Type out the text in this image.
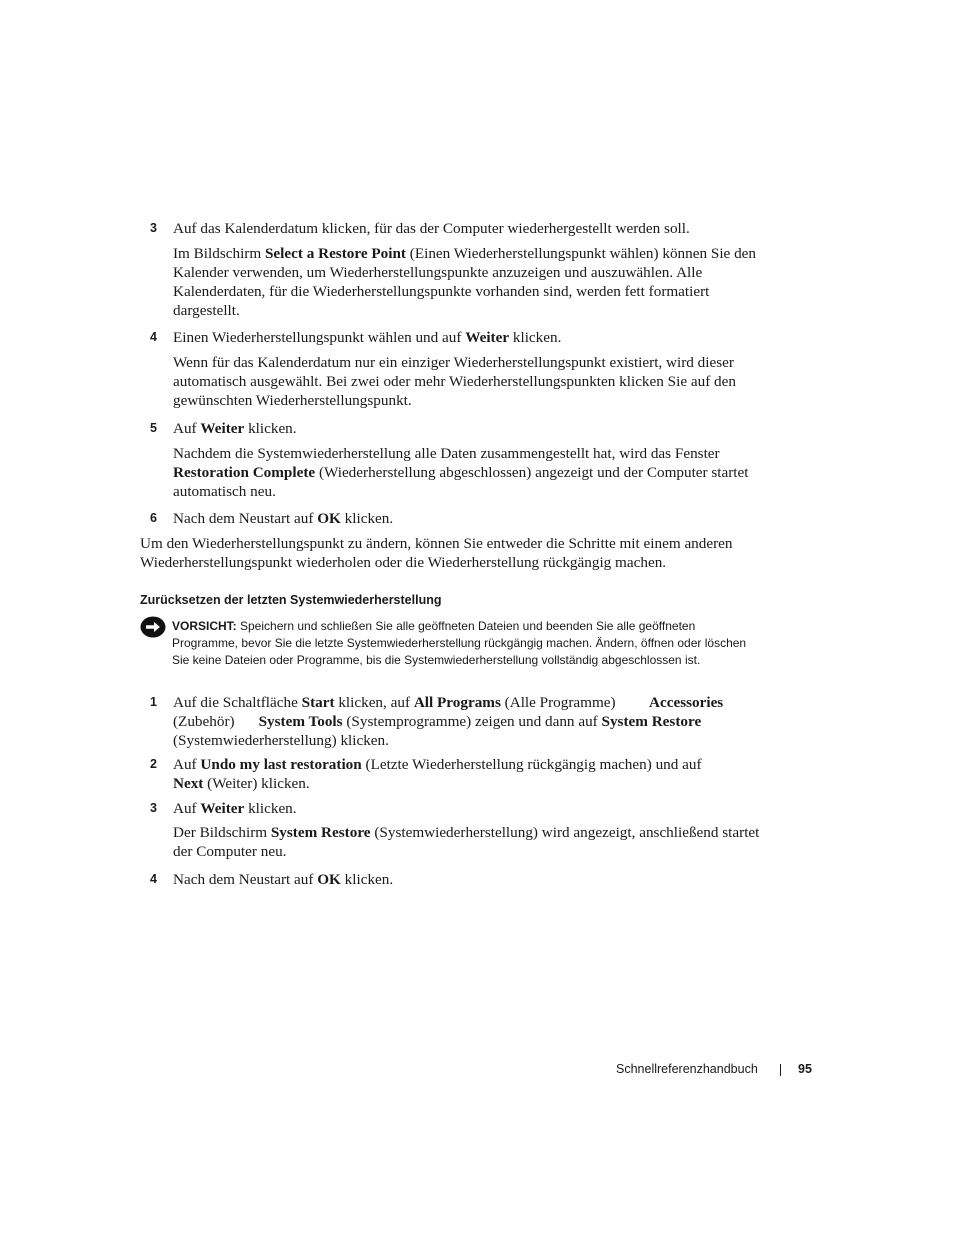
3	Auf das Kalenderdatum klicken, für das der Computer wiederhergestellt werden soll.
Im Bildschirm Select a Restore Point (Einen Wiederherstellungspunkt wählen) können Sie den Kalender verwenden, um Wiederherstellungspunkte anzuzeigen und auszuwählen. Alle Kalenderdaten, für die Wiederherstellungspunkte vorhanden sind, werden fett formatiert dargestellt.
4	Einen Wiederherstellungspunkt wählen und auf Weiter klicken.
Wenn für das Kalenderdatum nur ein einziger Wiederherstellungspunkt existiert, wird dieser automatisch ausgewählt. Bei zwei oder mehr Wiederherstellungspunkten klicken Sie auf den gewünschten Wiederherstellungspunkt.
5	Auf Weiter klicken.
Nachdem die Systemwiederherstellung alle Daten zusammengestellt hat, wird das Fenster Restoration Complete (Wiederherstellung abgeschlossen) angezeigt und der Computer startet automatisch neu.
6	Nach dem Neustart auf OK klicken.
Um den Wiederherstellungspunkt zu ändern, können Sie entweder die Schritte mit einem anderen Wiederherstellungspunkt wiederholen oder die Wiederherstellung rückgängig machen.
Zurücksetzen der letzten Systemwiederherstellung
VORSICHT: Speichern und schließen Sie alle geöffneten Dateien und beenden Sie alle geöffneten Programme, bevor Sie die letzte Systemwiederherstellung rückgängig machen. Ändern, öffnen oder löschen Sie keine Dateien oder Programme, bis die Systemwiederherstellung vollständig abgeschlossen ist.
1	Auf die Schaltfläche Start klicken, auf All Programs (Alle Programme) Accessories
(Zubehör) System Tools (Systemprogramme) zeigen und dann auf System Restore
(Systemwiederherstellung) klicken.
2	Auf Undo my last restoration (Letzte Wiederherstellung rückgängig machen) und auf
Next (Weiter) klicken.
3	Auf Weiter klicken.
Der Bildschirm System Restore (Systemwiederherstellung) wird angezeigt, anschließend startet der Computer neu.
4	Nach dem Neustart auf OK klicken.
Schnellreferenzhandbuch	95
